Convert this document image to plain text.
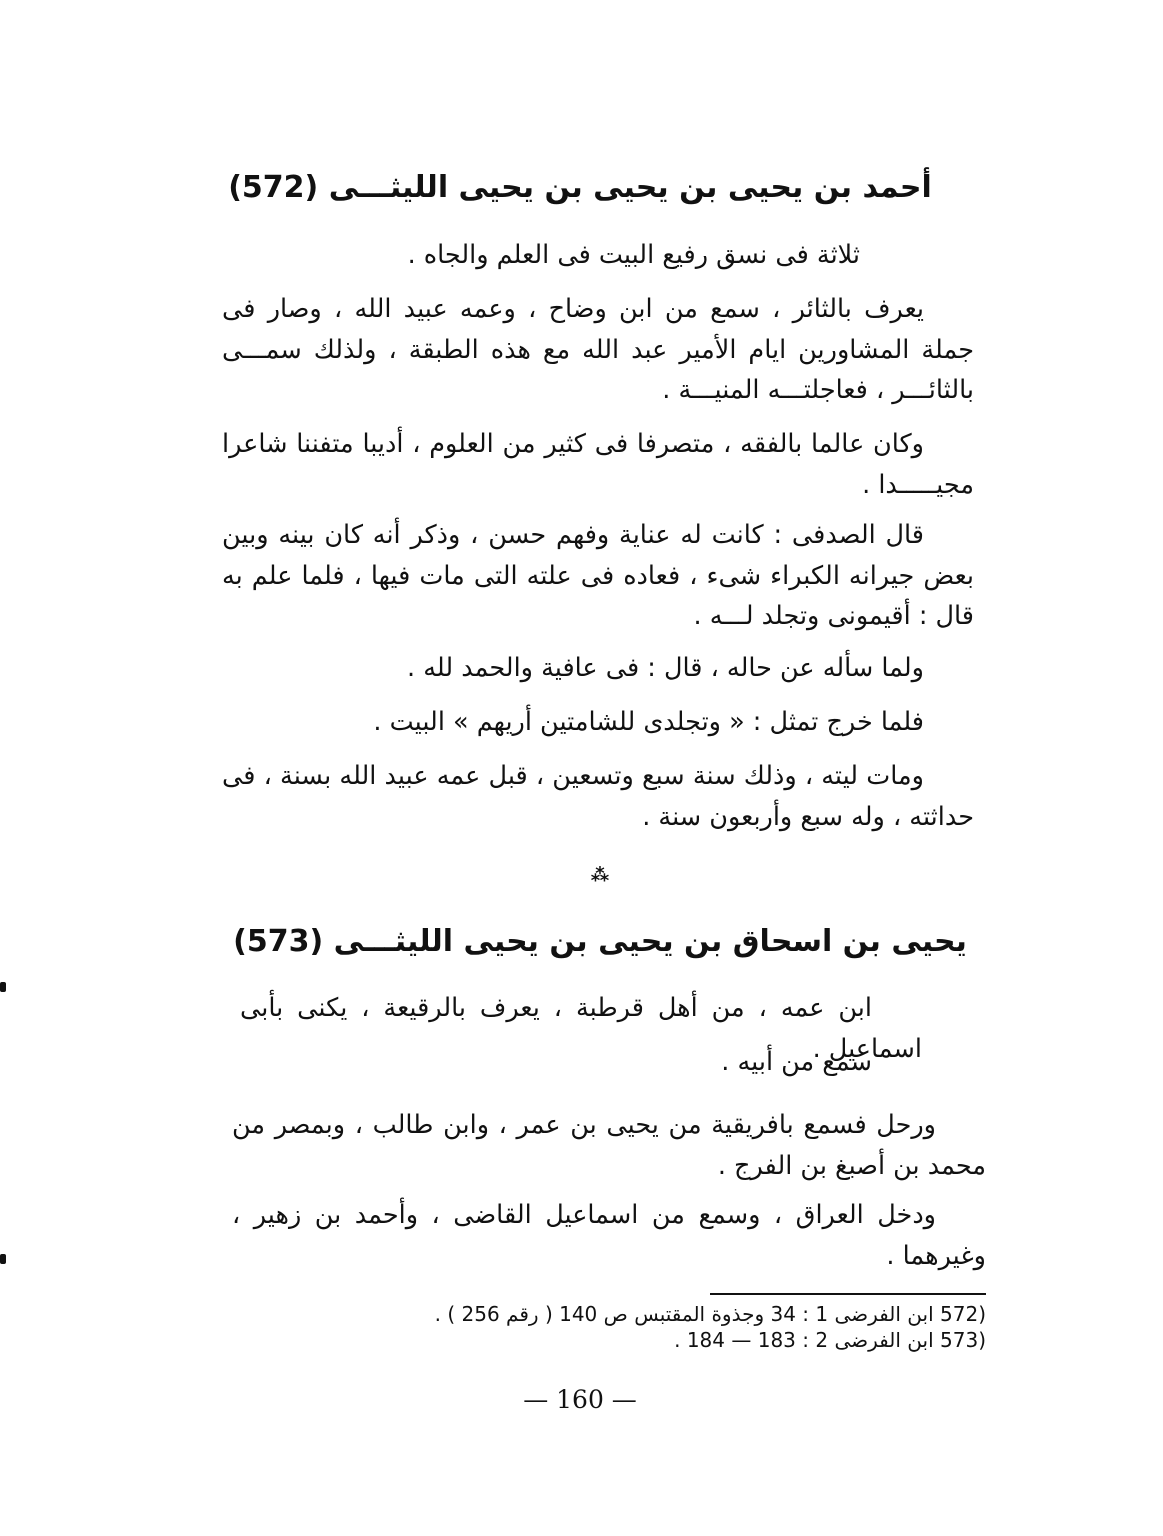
أحمد بن يحيى بن يحيى بن يحيى الليثـــى (572)
ثلاثة فى نسق رفيع البيت فى العلم والجاه .
يعرف بالثائر ، سمع من ابن وضاح ، وعمه عبيد الله ، وصار فى جملة المشاورين ايام الأمير عبد الله مع هذه الطبقة ، ولذلك سمـــى بالثائـــر ، فعاجلتـــه المنيـــة .
وكان عالما بالفقه ، متصرفا فى كثير من العلوم ، أديبا متفننا شاعرا مجيـــــدا .
قال الصدفى : كانت له عناية وفهم حسن ، وذكر أنه كان بينه وبين بعض جيرانه الكبراء شىء ، فعاده فى علته التى مات فيها ، فلما علم به قال : أقيمونى وتجلد لـــه .
ولما سأله عن حاله ، قال : فى عافية والحمد لله .
فلما خرج تمثل : « وتجلدى للشامتين أريهم » البيت .
ومات ليته ، وذلك سنة سبع وتسعين ، قبل عمه عبيد الله بسنة ، فى حداثته ، وله سبع وأربعون سنة .
⁂
يحيى بن اسحاق بن يحيى بن يحيى الليثـــى (573)
ابن عمه ، من أهل قرطبة ، يعرف بالرقيعة ، يكنى بأبى اسماعيل .
سمع من أبيه .
ورحل فسمع بافريقية من يحيى بن عمر ، وابن طالب ، وبمصر من محمد بن أصبغ بن الفرج .
ودخل العراق ، وسمع من اسماعيل القاضى ، وأحمد بن زهير ، وغيرهما .
(572 ابن الفرضى 1 : 34 وجذوة المقتبس ص 140 ( رقم 256 ) .
(573 ابن الفرضى 2 : 183 — 184 .
— 160 —
